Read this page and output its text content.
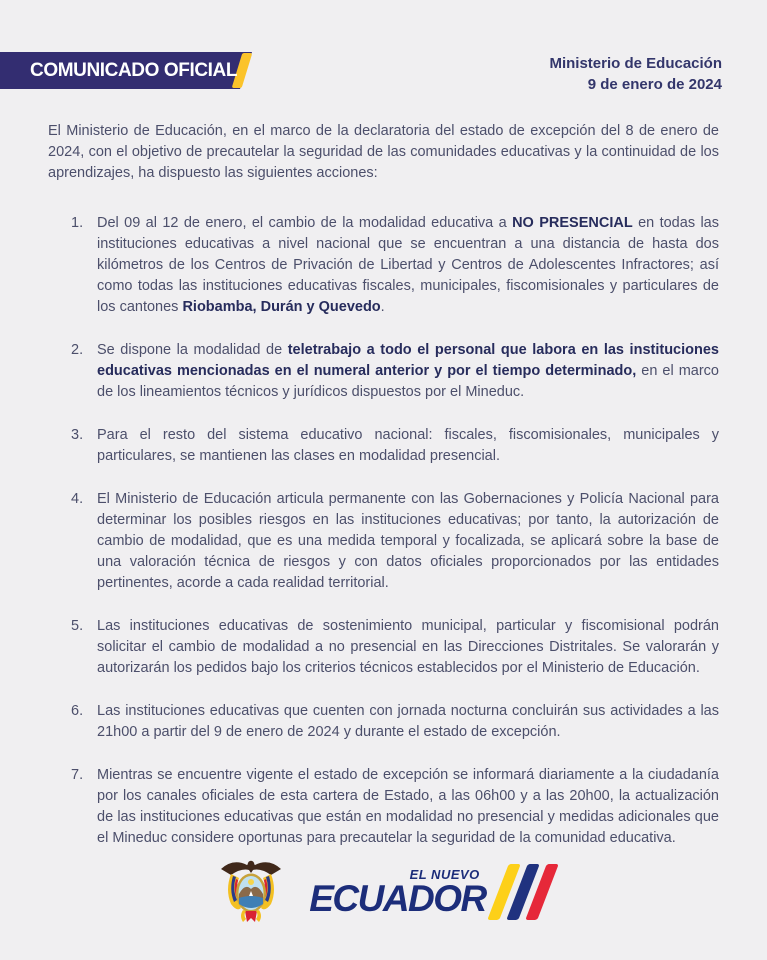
COMUNICADO OFICIAL	Ministerio de Educación
9 de enero de 2024

El Ministerio de Educación, en el marco de la declaratoria del estado de excepción del 8 de enero de 2024, con el objetivo de precautelar la seguridad de las comunidades educativas y la continuidad de los aprendizajes, ha dispuesto las siguientes acciones:

1. Del 09 al 12 de enero, el cambio de la modalidad educativa a NO PRESENCIAL en todas las instituciones educativas a nivel nacional que se encuentran a una distancia de hasta dos kilómetros de los Centros de Privación de Libertad y Centros de Adolescentes Infractores; así como todas las instituciones educativas fiscales, municipales, fiscomisionales y particulares de los cantones Riobamba, Durán y Quevedo.
2. Se dispone la modalidad de teletrabajo a todo el personal que labora en las instituciones educativas mencionadas en el numeral anterior y por el tiempo determinado, en el marco de los lineamientos técnicos y jurídicos dispuestos por el Mineduc.
3. Para el resto del sistema educativo nacional: fiscales, fiscomisionales, municipales y particulares, se mantienen las clases en modalidad presencial.
4. El Ministerio de Educación articula permanente con las Gobernaciones y Policía Nacional para determinar los posibles riesgos en las instituciones educativas; por tanto, la autorización de cambio de modalidad, que es una medida temporal y focalizada, se aplicará sobre la base de una valoración técnica de riesgos y con datos oficiales proporcionados por las entidades pertinentes, acorde a cada realidad territorial.
5. Las instituciones educativas de sostenimiento municipal, particular y fiscomisional podrán solicitar el cambio de modalidad a no presencial en las Direcciones Distritales. Se valorarán y autorizarán los pedidos bajo los criterios técnicos establecidos por el Ministerio de Educación.
6. Las instituciones educativas que cuenten con jornada nocturna concluirán sus actividades a las 21h00 a partir del 9 de enero de 2024 y durante el estado de excepción.
7. Mientras se encuentre vigente el estado de excepción se informará diariamente a la ciudadanía por los canales oficiales de esta cartera de Estado, a las 06h00 y a las 20h00, la actualización de las instituciones educativas que están en modalidad no presencial y medidas adicionales que el Mineduc considere oportunas para precautelar la seguridad de la comunidad educativa.
EL NUEVO
ECUADOR
